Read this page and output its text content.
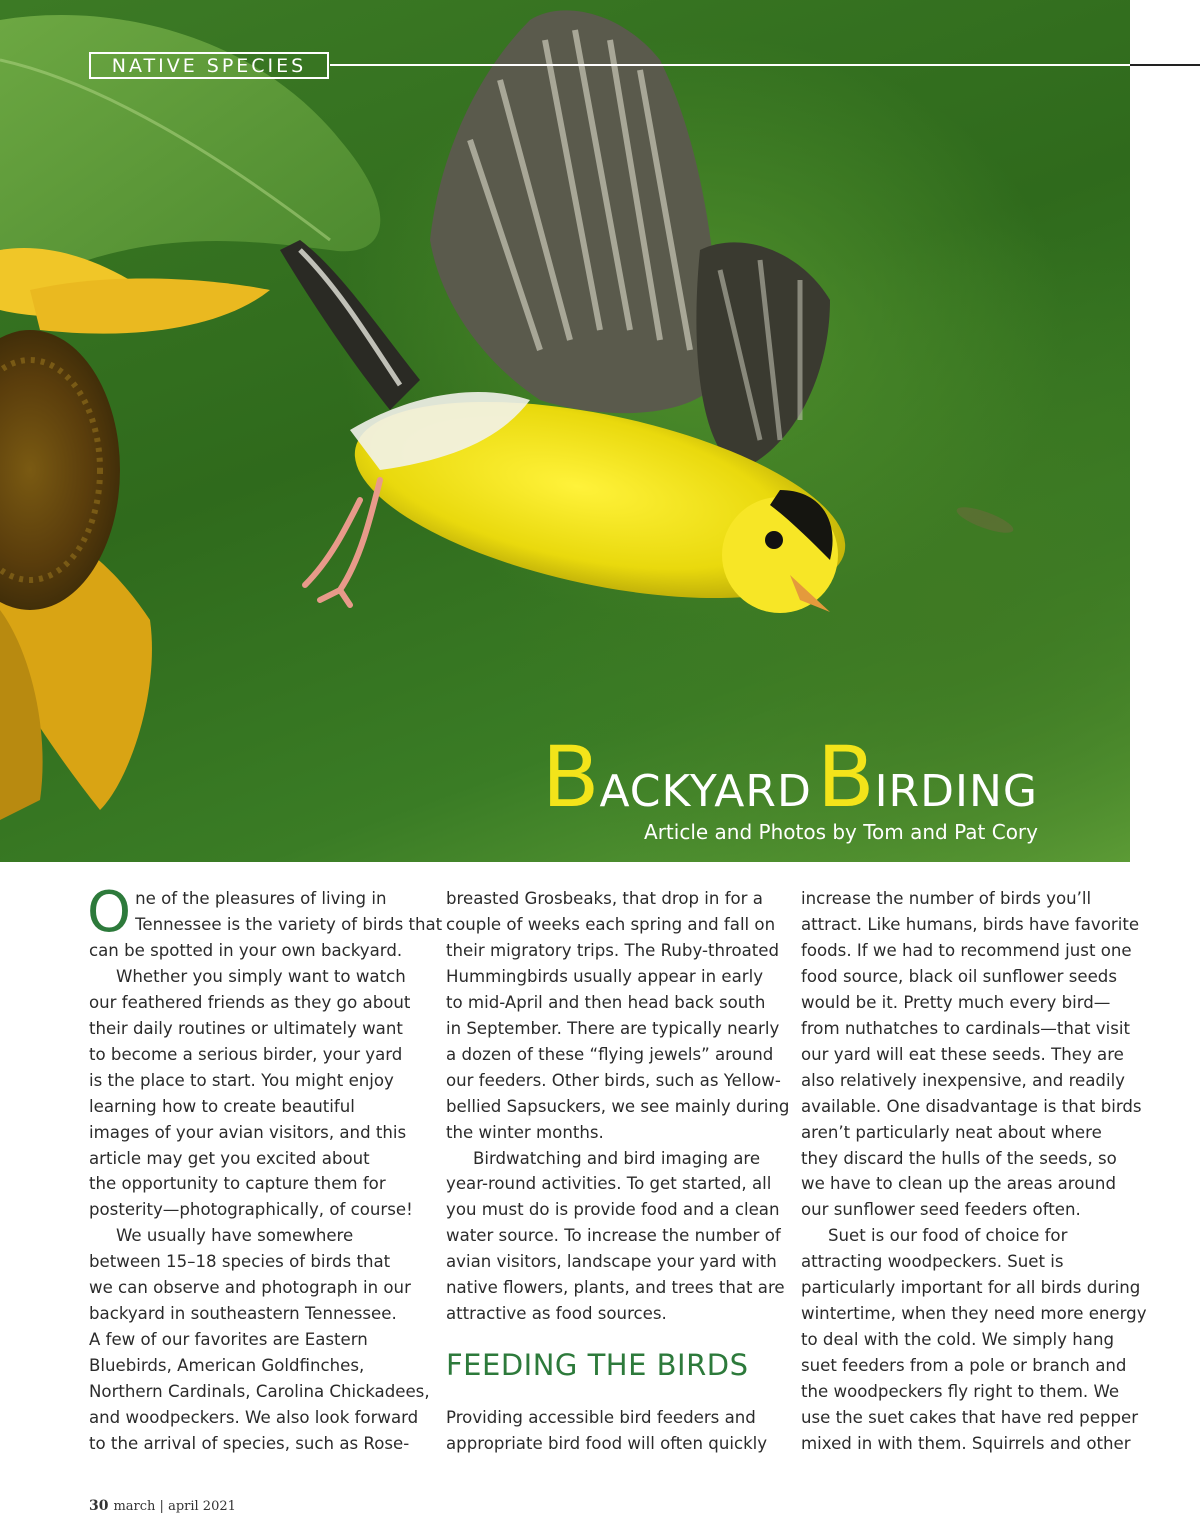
NATIVE SPECIES
BACKYARD BIRDING
Article and Photos by Tom and Pat Cory

O ne of the pleasures of living in
Tennessee is the variety of birds that
can be spotted in your own backyard.

Whether you simply want to watch
our feathered friends as they go about
their daily routines or ultimately want
to become a serious birder, your yard
is the place to start. You might enjoy
learning how to create beautiful
images of your avian visitors, and this
article may get you excited about
the opportunity to capture them for
posterity—photographically, of course!

We usually have somewhere
between 15–18 species of birds that
we can observe and photograph in our
backyard in southeastern Tennessee.
A few of our favorites are Eastern
Bluebirds, American Goldfinches,
Northern Cardinals, Carolina Chickadees,
and woodpeckers. We also look forward
to the arrival of species, such as Rose-

breasted Grosbeaks, that drop in for a
couple of weeks each spring and fall on
their migratory trips. The Ruby-throated
Hummingbirds usually appear in early
to mid-April and then head back south
in September. There are typically nearly
a dozen of these “flying jewels” around
our feeders. Other birds, such as Yellow-
bellied Sapsuckers, we see mainly during
the winter months.

Birdwatching and bird imaging are
year-round activities. To get started, all
you must do is provide food and a clean
water source. To increase the number of
avian visitors, landscape your yard with
native flowers, plants, and trees that are
attractive as food sources.

FEEDING THE BIRDS

Providing accessible bird feeders and
appropriate bird food will often quickly

increase the number of birds you’ll
attract. Like humans, birds have favorite
foods. If we had to recommend just one
food source, black oil sunflower seeds
would be it. Pretty much every bird—
from nuthatches to cardinals—that visit
our yard will eat these seeds. They are
also relatively inexpensive, and readily
available. One disadvantage is that birds
aren’t particularly neat about where
they discard the hulls of the seeds, so
we have to clean up the areas around
our sunflower seed feeders often.

Suet is our food of choice for
attracting woodpeckers. Suet is
particularly important for all birds during
wintertime, when they need more energy
to deal with the cold. We simply hang
suet feeders from a pole or branch and
the woodpeckers fly right to them. We
use the suet cakes that have red pepper
mixed in with them. Squirrels and other

30 march | april 2021
